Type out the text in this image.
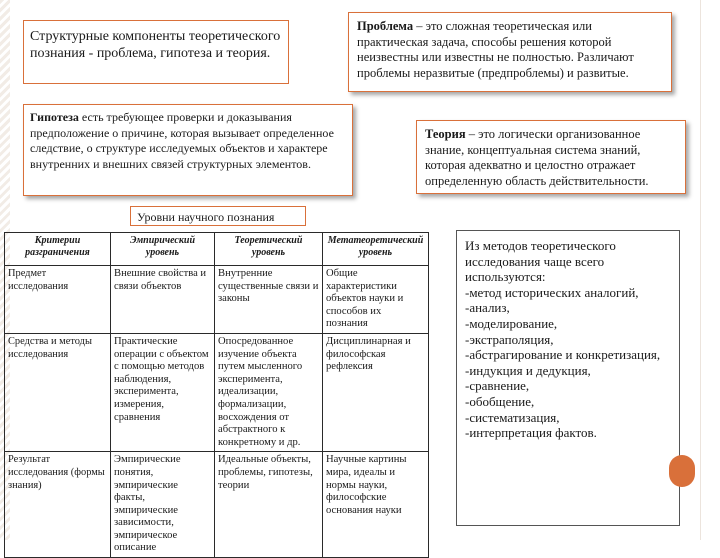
Структурные компоненты теоретического познания - проблема, гипотеза и теория.
Проблема – это сложная теоретическая или практическая задача, способы решения которой неизвестны или известны не полностью. Различают проблемы неразвитые (предпроблемы) и развитые.
Гипотеза есть требующее проверки и доказывания предположение о причине, которая вызывает определенное следствие, о структуре исследуемых объектов и характере внутренних и внешних связей структурных элементов.
Теория – это логически организованное знание, концептуальная система знаний, которая адекватно и целостно отражает определенную область действительности.
Уровни научного познания
Критерии разграничения	Эмпирический уровень	Теоретический уровень	Метатеоретический уровень
Предмет исследования	Внешние свойства и связи объектов	Внутренние существенные связи и законы	Общие характеристики объектов науки и способов их познания
Средства и методы исследования	Практические операции с объектом с помощью методов наблюдения, эксперимента, измерения, сравнения	Опосредованное изучение объекта путем мысленного эксперимента, идеализации, формализации, восхождения от абстрактного к конкретному и др.	Дисциплинарная и философская рефлексия
Результат исследования (формы знания)	Эмпирические понятия, эмпирические факты, эмпирические зависимости, эмпирическое описание	Идеальные объекты, проблемы, гипотезы, теории	Научные картины мира, идеалы и нормы науки, философские основания науки
Из методов теоретического исследования чаще всего используются:
-метод исторических аналогий,
-анализ,
-моделирование,
-экстраполяция,
-абстрагирование и конкретизация,
-индукция и дедукция,
-сравнение,
-обобщение,
-систематизация,
-интерпретация фактов.
